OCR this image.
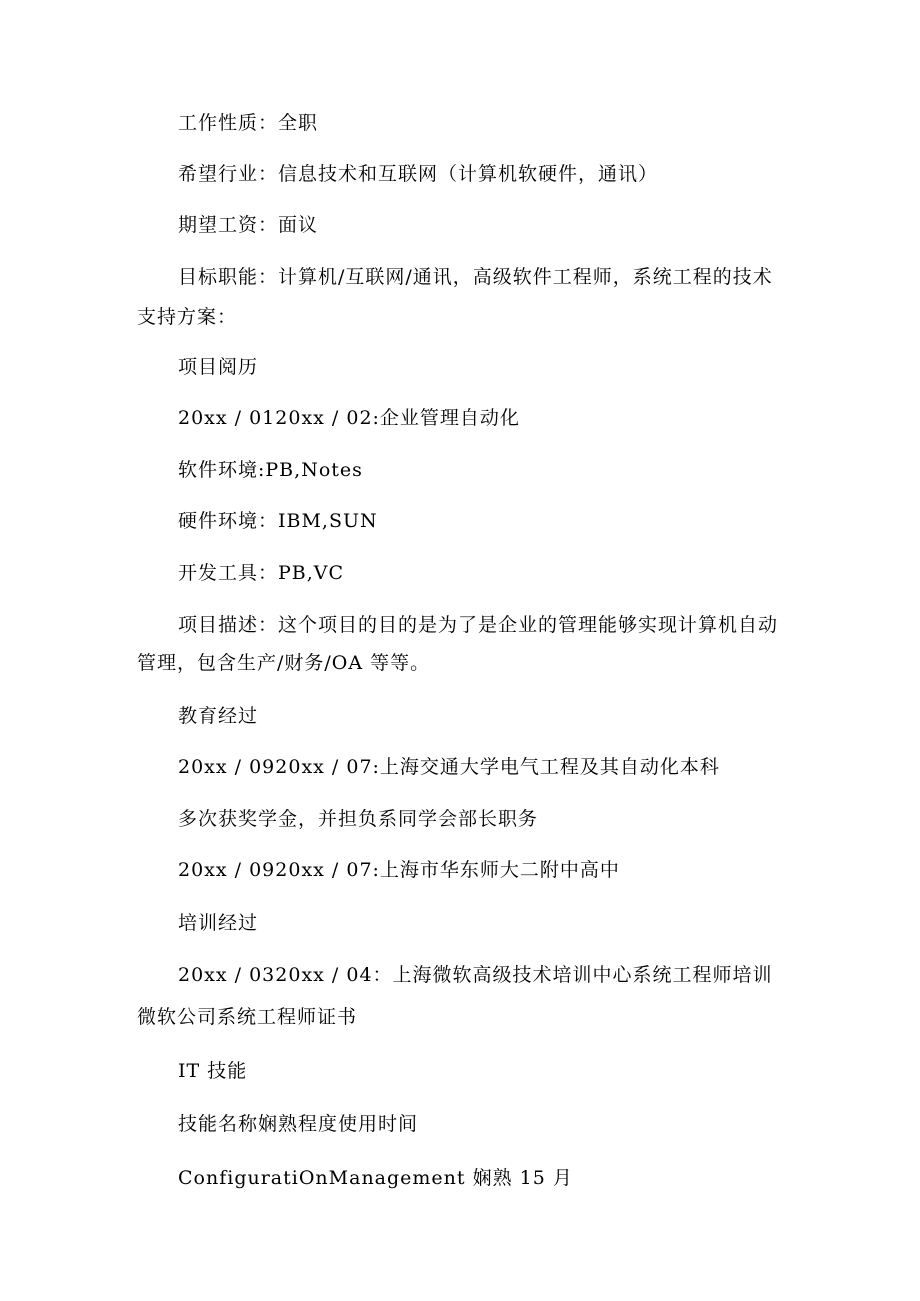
工作性质：全职

希望行业：信息技术和互联网（计算机软硬件，通讯）

期望工资：面议

目标职能：计算机/互联网/通讯，高级软件工程师，系统工程的技术

支持方案：

项目阅历

20xx / 0120xx / 02:企业管理自动化

软件环境:PB,Notes

硬件环境：IBM,SUN

开发工具：PB,VC

项目描述：这个项目的目的是为了是企业的管理能够实现计算机自动

管理，包含生产/财务/OA 等等。

教育经过

20xx / 0920xx / 07:上海交通大学电气工程及其自动化本科

多次获奖学金，并担负系同学会部长职务

20xx / 0920xx / 07:上海市华东师大二附中高中

培训经过

20xx / 0320xx / 04：上海微软高级技术培训中心系统工程师培训

微软公司系统工程师证书

IT 技能

技能名称娴熟程度使用时间

ConfiguratiOnManagement 娴熟 15 月
